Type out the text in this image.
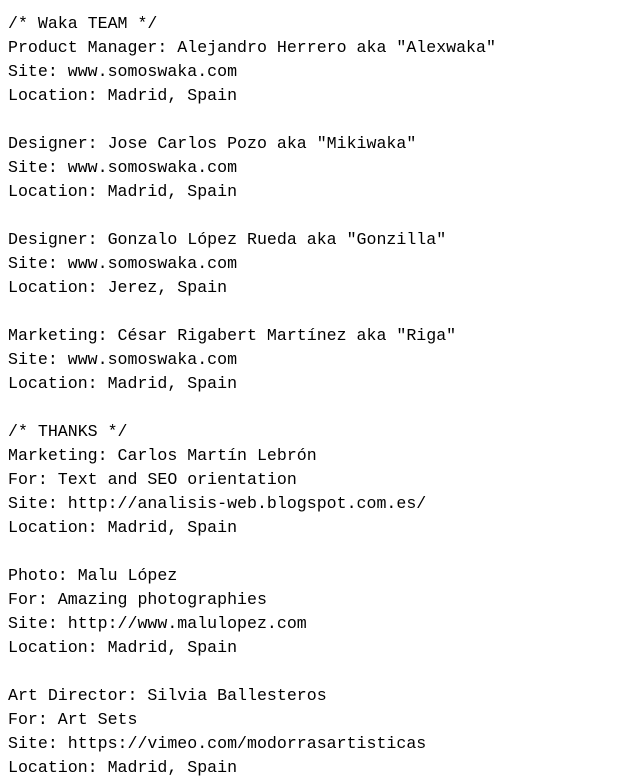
/* Waka TEAM */
Product Manager: Alejandro Herrero aka "Alexwaka"
Site: www.somoswaka.com
Location: Madrid, Spain

Designer: Jose Carlos Pozo aka "Mikiwaka"
Site: www.somoswaka.com
Location: Madrid, Spain

Designer: Gonzalo López Rueda aka "Gonzilla"
Site: www.somoswaka.com
Location: Jerez, Spain

Marketing: César Rigabert Martínez aka "Riga"
Site: www.somoswaka.com
Location: Madrid, Spain

/* THANKS */
Marketing: Carlos Martín Lebrón
For: Text and SEO orientation
Site: http://analisis-web.blogspot.com.es/
Location: Madrid, Spain

Photo: Malu López
For: Amazing photographies
Site: http://www.malulopez.com
Location: Madrid, Spain

Art Director: Silvia Ballesteros
For: Art Sets
Site: https://vimeo.com/modorrasartisticas
Location: Madrid, Spain
